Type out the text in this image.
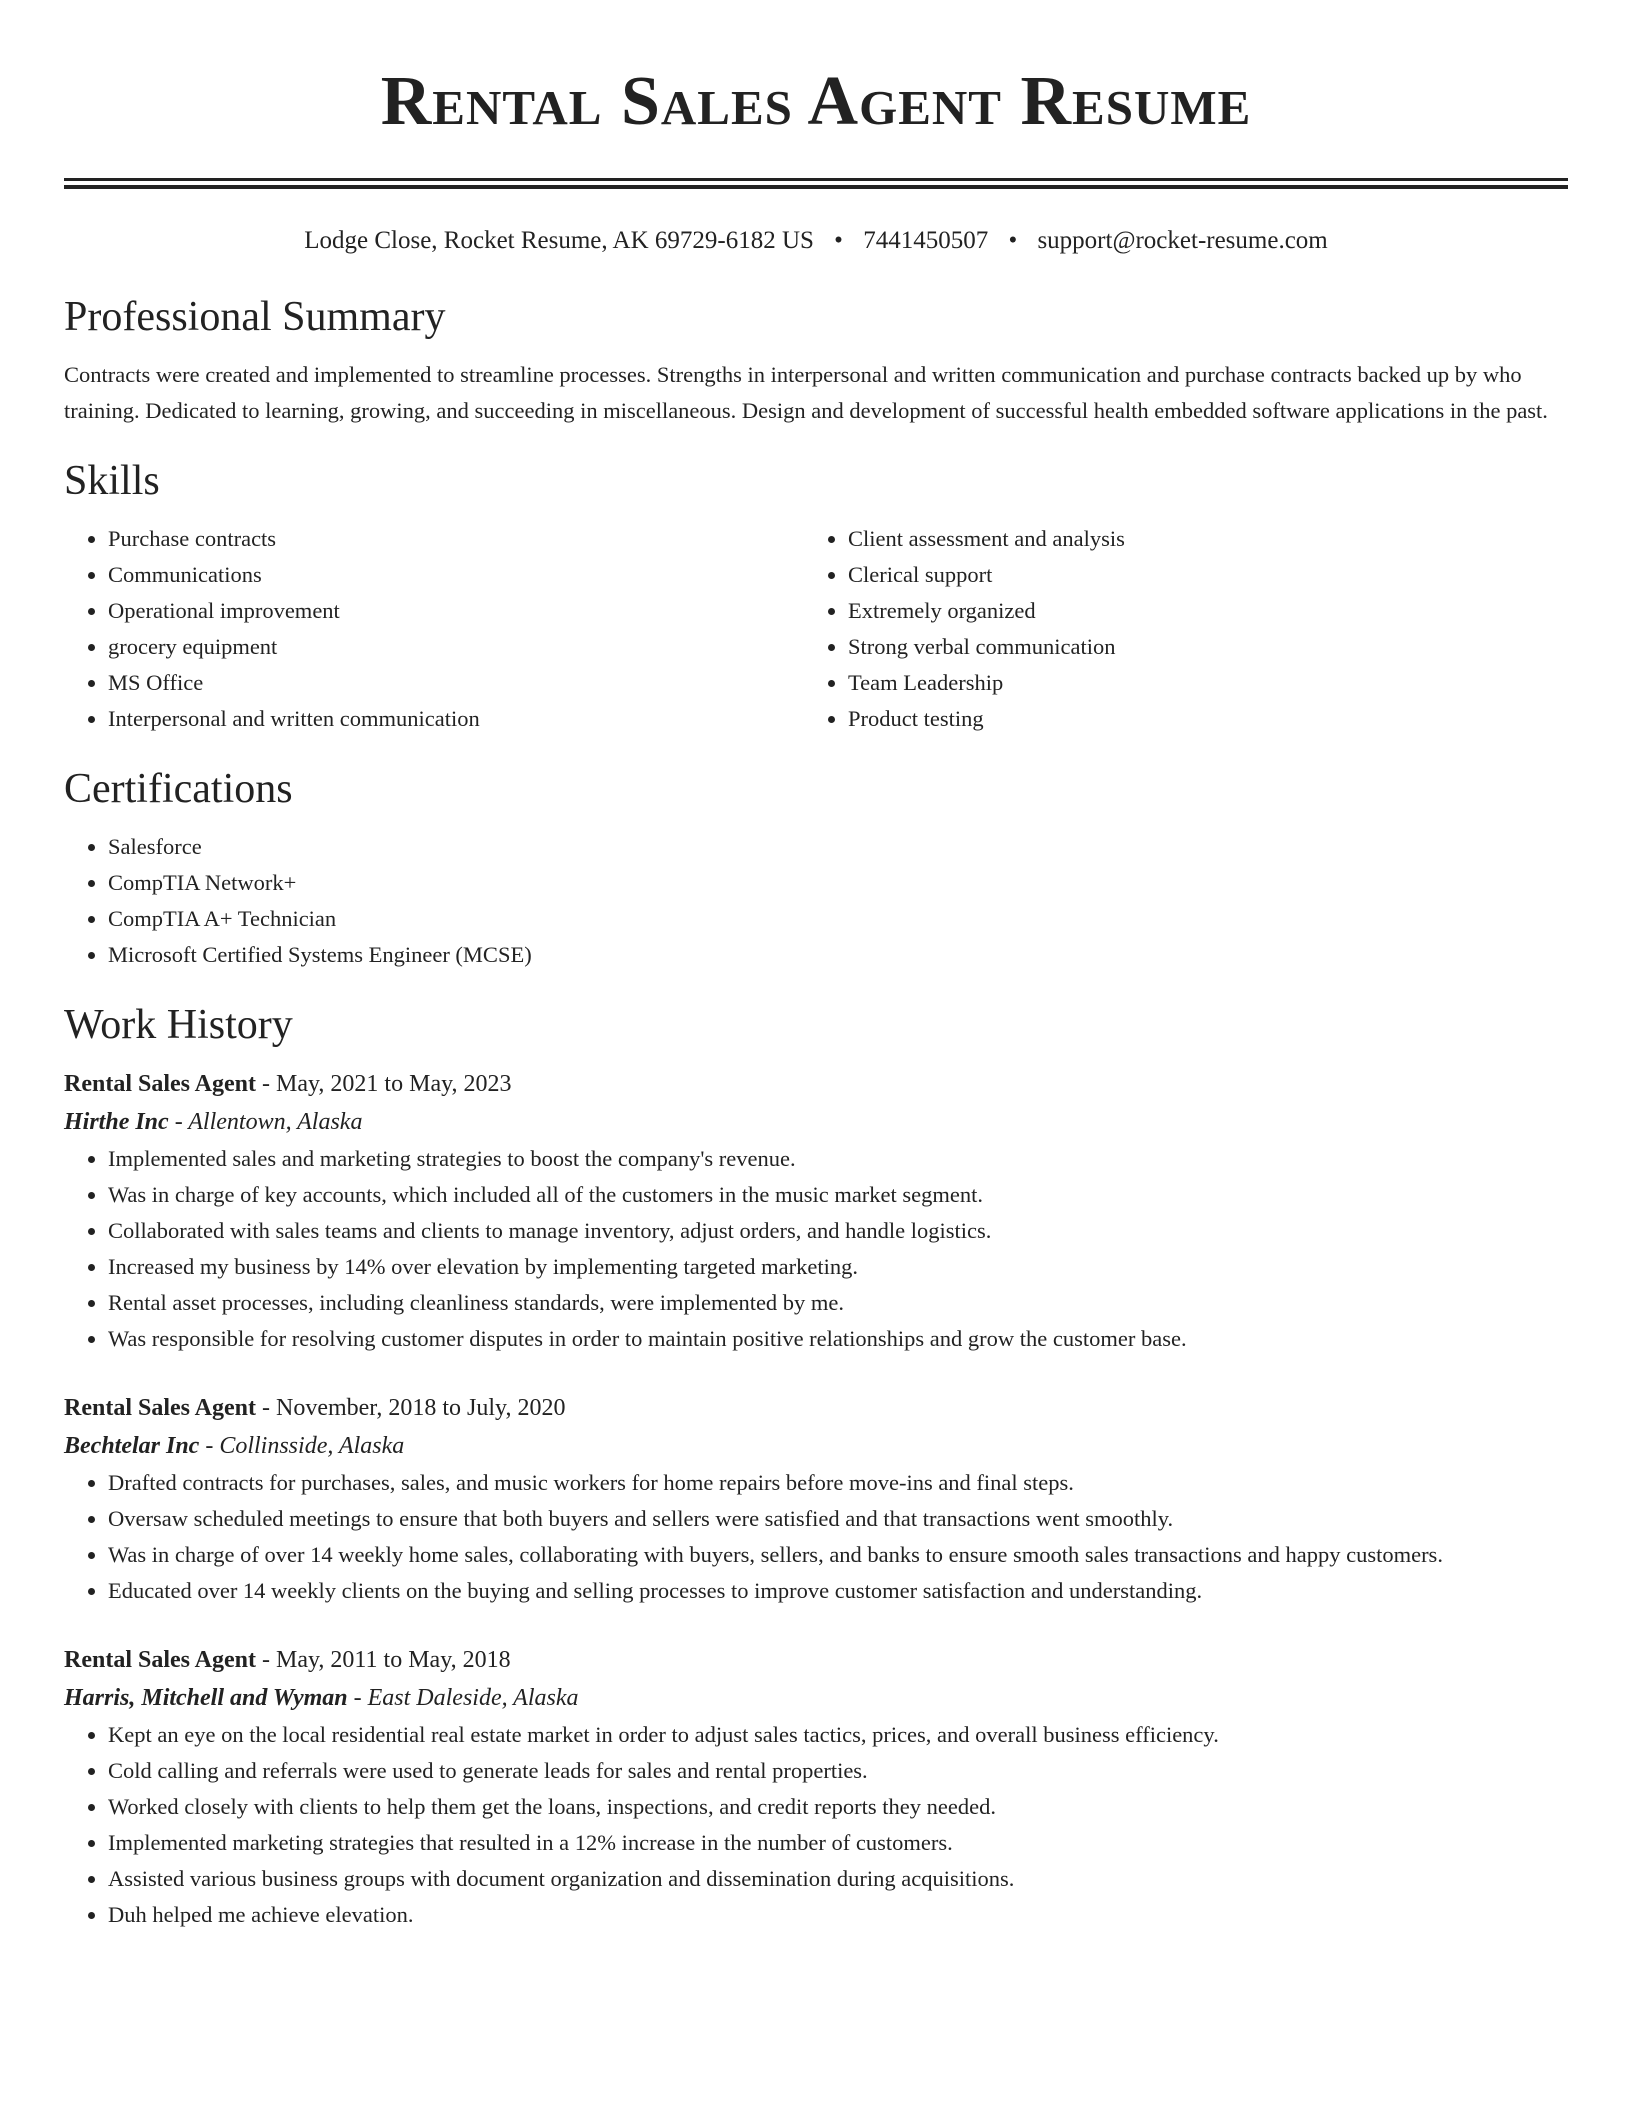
Rental Sales Agent Resume
Lodge Close, Rocket Resume, AK 69729-6182 US • 7441450507 • support@rocket-resume.com
Professional Summary

Contracts were created and implemented to streamline processes. Strengths in interpersonal and written communication and purchase contracts backed up by who training. Dedicated to learning, growing, and succeeding in miscellaneous. Design and development of successful health embedded software applications in the past.

Skills
• Purchase contracts
• Communications
• Operational improvement
• grocery equipment
• MS Office
• Interpersonal and written communication
• Client assessment and analysis
• Clerical support
• Extremely organized
• Strong verbal communication
• Team Leadership
• Product testing
Certifications
• Salesforce
• CompTIA Network+
• CompTIA A+ Technician
• Microsoft Certified Systems Engineer (MCSE)
Work History
Rental Sales Agent - May, 2021 to May, 2023
Hirthe Inc - Allentown, Alaska
• Implemented sales and marketing strategies to boost the company's revenue.
• Was in charge of key accounts, which included all of the customers in the music market segment.
• Collaborated with sales teams and clients to manage inventory, adjust orders, and handle logistics.
• Increased my business by 14% over elevation by implementing targeted marketing.
• Rental asset processes, including cleanliness standards, were implemented by me.
• Was responsible for resolving customer disputes in order to maintain positive relationships and grow the customer base.
Rental Sales Agent - November, 2018 to July, 2020
Bechtelar Inc - Collinsside, Alaska
• Drafted contracts for purchases, sales, and music workers for home repairs before move-ins and final steps.
• Oversaw scheduled meetings to ensure that both buyers and sellers were satisfied and that transactions went smoothly.
• Was in charge of over 14 weekly home sales, collaborating with buyers, sellers, and banks to ensure smooth sales transactions and happy customers.
• Educated over 14 weekly clients on the buying and selling processes to improve customer satisfaction and understanding.
Rental Sales Agent - May, 2011 to May, 2018
Harris, Mitchell and Wyman - East Daleside, Alaska
• Kept an eye on the local residential real estate market in order to adjust sales tactics, prices, and overall business efficiency.
• Cold calling and referrals were used to generate leads for sales and rental properties.
• Worked closely with clients to help them get the loans, inspections, and credit reports they needed.
• Implemented marketing strategies that resulted in a 12% increase in the number of customers.
• Assisted various business groups with document organization and dissemination during acquisitions.
• Duh helped me achieve elevation.
